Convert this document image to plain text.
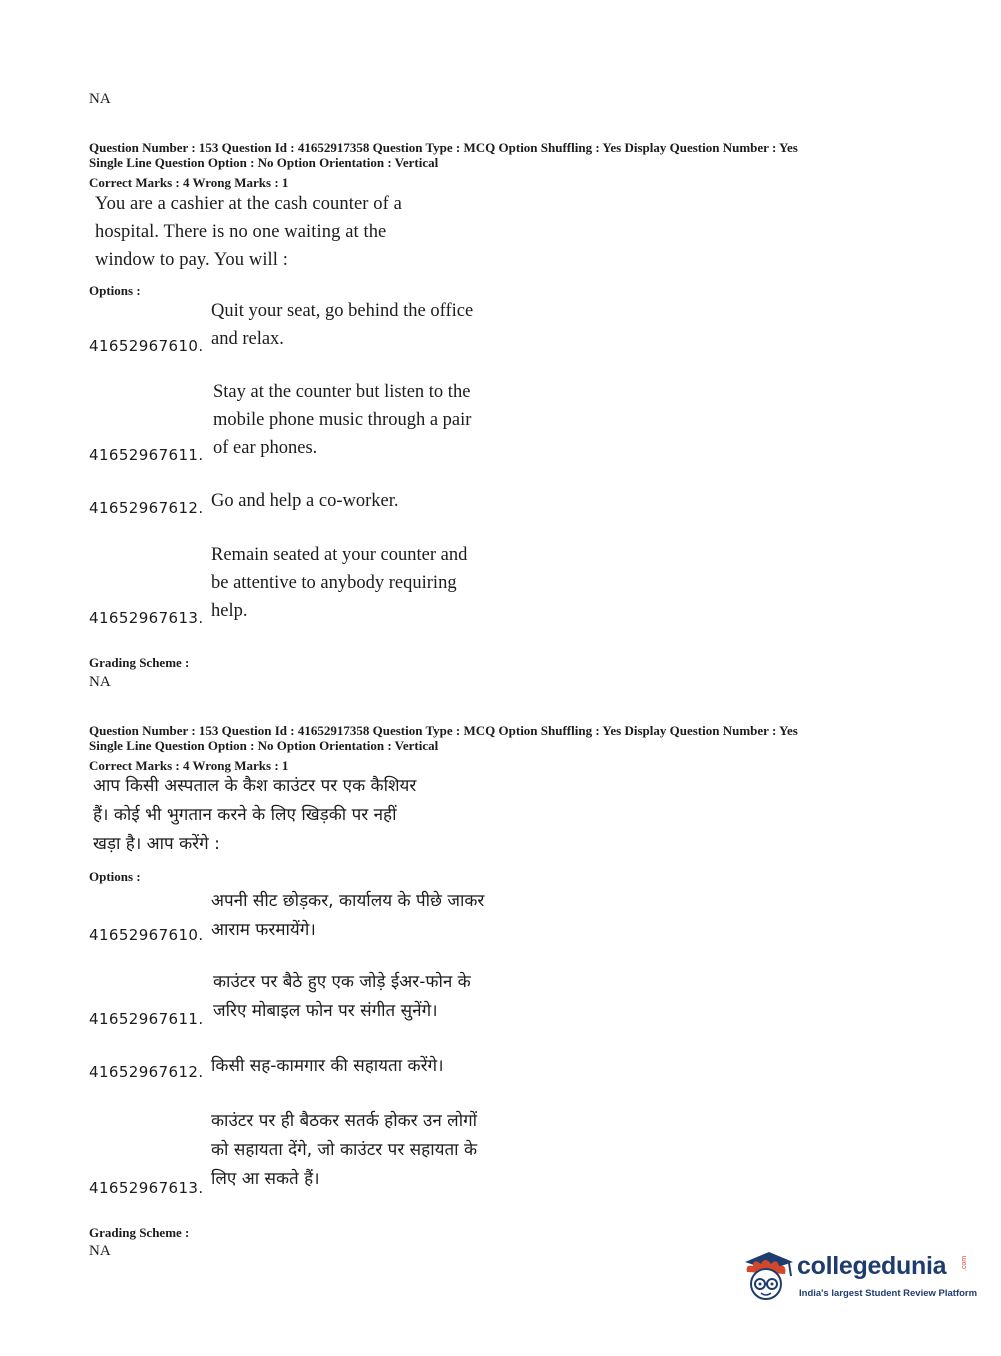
NA
Question Number : 153 Question Id : 41652917358 Question Type : MCQ Option Shuffling : Yes Display Question Number : Yes
Single Line Question Option : No Option Orientation : Vertical
Correct Marks : 4 Wrong Marks : 1
You are a cashier at the cash counter of a
hospital. There is no one waiting at the
window to pay. You will :
Options :
Quit your seat, go behind the office
and relax.
41652967610.
Stay at the counter but listen to the
mobile phone music through a pair
of ear phones.
41652967611.
Go and help a co-worker.
41652967612.
Remain seated at your counter and
be attentive to anybody requiring
help.
41652967613.
Grading Scheme :
NA
Question Number : 153 Question Id : 41652917358 Question Type : MCQ Option Shuffling : Yes Display Question Number : Yes
Single Line Question Option : No Option Orientation : Vertical
Correct Marks : 4 Wrong Marks : 1
आप किसी अस्पताल के कैश काउंटर पर एक कैशियर
हैं। कोई भी भुगतान करने के लिए खिड़की पर नहीं
खड़ा है। आप करेंगे :
Options :
अपनी सीट छोड़कर, कार्यालय के पीछे जाकर
आराम फरमायेंगे।
41652967610.
काउंटर पर बैठे हुए एक जोड़े ईअर-फोन के
जरिए मोबाइल फोन पर संगीत सुनेंगे।
41652967611.
किसी सह-कामगार की सहायता करेंगे।
41652967612.
काउंटर पर ही बैठकर सतर्क होकर उन लोगों
को सहायता देंगे, जो काउंटर पर सहायता के
लिए आ सकते हैं।
41652967613.
Grading Scheme :
NA
collegedunia .com
India's largest Student Review Platform
